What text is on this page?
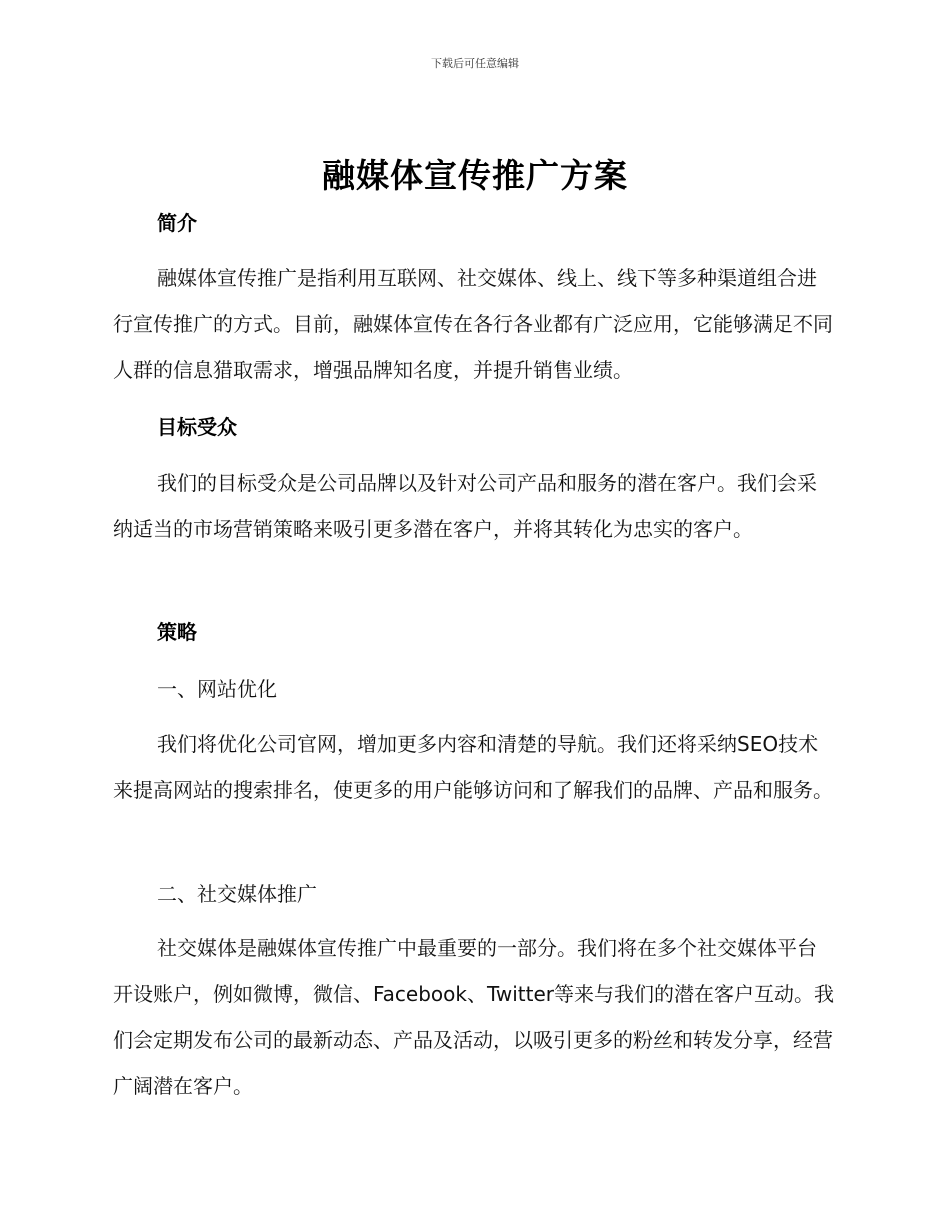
下载后可任意编辑
融媒体宣传推广方案
简介

融媒体宣传推广是指利用互联网、社交媒体、线上、线下等多种渠道组合进行宣传推广的方式。目前，融媒体宣传在各行各业都有广泛应用，它能够满足不同人群的信息猎取需求，增强品牌知名度，并提升销售业绩。

目标受众

我们的目标受众是公司品牌以及针对公司产品和服务的潜在客户。我们会采纳适当的市场营销策略来吸引更多潜在客户，并将其转化为忠实的客户。

策略
一、网站优化

我们将优化公司官网，增加更多内容和清楚的导航。我们还将采纳SEO技术来提高网站的搜索排名，使更多的用户能够访问和了解我们的品牌、产品和服务。

二、社交媒体推广

社交媒体是融媒体宣传推广中最重要的一部分。我们将在多个社交媒体平台开设账户，例如微博，微信、Facebook、Twitter等来与我们的潜在客户互动。我们会定期发布公司的最新动态、产品及活动，以吸引更多的粉丝和转发分享，经营广阔潜在客户。
